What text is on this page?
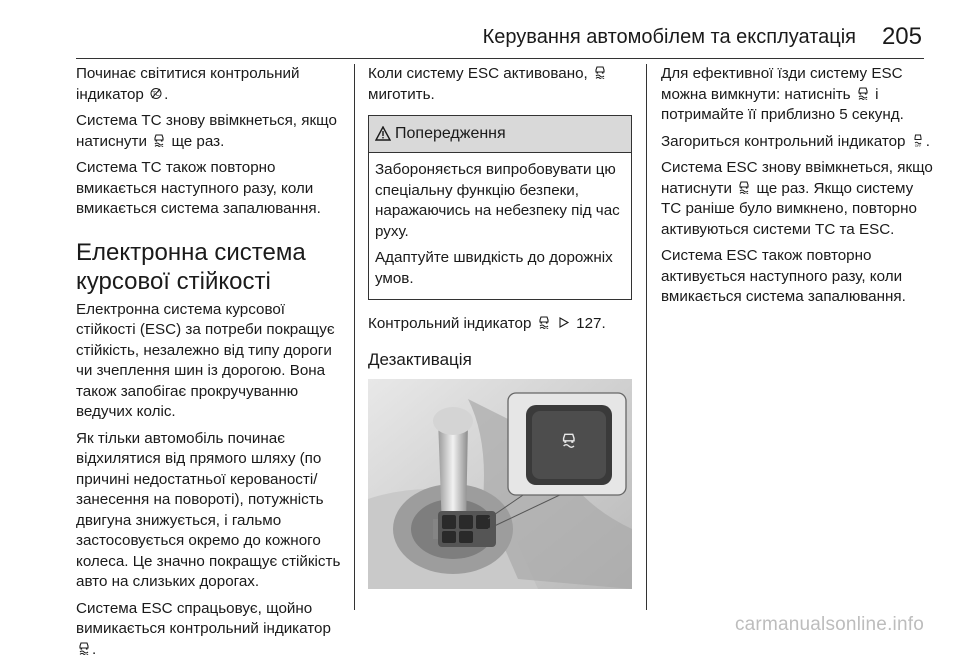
Керування автомобілем та експлуатація 205

Починає світитися контрольний індикатор TC .

Система ТС знову ввімкнеться, якщо натиснути ще раз.

Система ТС також повторно вмикається наступного разу, коли вмикається система запалювання.

Електронна система курсової стійкості

Електронна система курсової стійкості (ESC) за потреби покращує стійкість, незалежно від типу дороги чи зчеплення шин із дорогою. Вона також запобігає прокручуванню ведучих коліс.

Як тільки автомобіль починає відхилятися від прямого шляху (по причині недостатньої керованості/занесення на повороті), потужність двигуна знижується, і гальмо застосовується окремо до кожного колеса. Це значно покращує стійкість авто на слизьких дорогах.

Система ESC спрацьовує, щойно вимикається контрольний індикатор .

Коли систему ESC активовано,  миготить.

Попередження

Забороняється випробовувати цю спеціальну функцію безпеки, наражаючись на небезпеку під час руху.

Адаптуйте швидкість до дорожніх умов.

Контрольний індикатор	127.

Дезактивація

Для ефективної їзди систему ESC можна вимкнути: натисніть і потримайте її приблизно 5 секунд.

Загориться контрольний індикатор	OFF .

Система ESC знову ввімкнеться, якщо натиснути ще раз. Якщо систему ТС раніше було вимкнено, повторно активуються системи ТС та ESC.

Система ESC також повторно активується наступного разу, коли вмикається система запалювання.

carmanualsonline.info
